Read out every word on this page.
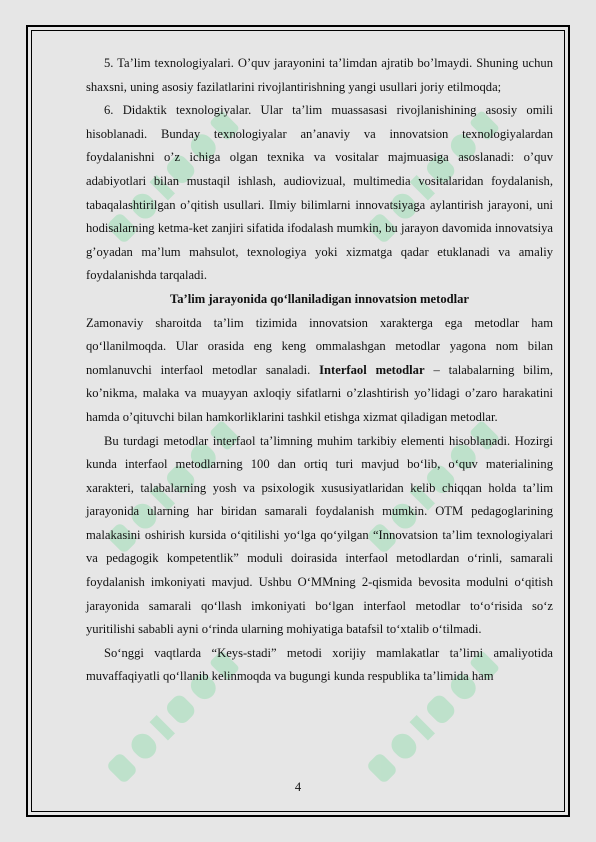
5. Ta’lim texnologiyalari. O’quv jarayonini ta’limdan ajratib bo’lmaydi. Shuning uchun shaxsni, uning asosiy fazilatlarini rivojlantirishning yangi usullari joriy etilmoqda;

6. Didaktik texnologiyalar. Ular ta’lim muassasasi rivojlanishining asosiy omili hisoblanadi. Bunday texnologiyalar an’anaviy va innovatsion texnologiyalardan foydalanishni o’z ichiga olgan texnika va vositalar majmuasiga asoslanadi: o’quv adabiyotlari bilan mustaqil ishlash, audiovizual, multimedia vositalaridan foydalanish, tabaqalashtirilgan o’qitish usullari. Ilmiy bilimlarni innovatsiyaga aylantirish jarayoni, uni hodisalarning ketma-ket zanjiri sifatida ifodalash mumkin, bu jarayon davomida innovatsiya g’oyadan ma’lum mahsulot, texnologiya yoki xizmatga qadar etuklanadi va amaliy foydalanishda tarqaladi.

Ta’lim jarayonida qo‘llaniladigan innovatsion metodlar

Zamonaviy sharoitda ta’lim tizimida innovatsion xarakterga ega metodlar ham qo‘llanilmoqda. Ular orasida eng keng ommalashgan metodlar yagona nom bilan nomlanuvchi interfaol metodlar sanaladi. Interfaol metodlar – talabalarning bilim, ko’nikma, malaka va muayyan axloqiy sifatlarni o’zlashtirish yo’lidagi o’zaro harakatini hamda o’qituvchi bilan hamkorliklarini tashkil etishga xizmat qiladigan metodlar.

Bu turdagi metodlar interfaol ta’limning muhim tarkibiy elementi hisoblanadi. Hozirgi kunda interfaol metodlarning 100 dan ortiq turi mavjud bo‘lib, o‘quv materialining xarakteri, talabalarning yosh va psixologik xususiyatlaridan kelib chiqqan holda ta’lim jarayonida ularning har biridan samarali foydalanish mumkin. OTM pedagoglarining malakasini oshirish kursida o‘qitilishi yo‘lga qo‘yilgan “Innovatsion ta’lim texnologiyalari va pedagogik kompetentlik” moduli doirasida interfaol metodlardan o‘rinli, samarali foydalanish imkoniyati mavjud. Ushbu O‘MMning 2-qismida bevosita modulni o‘qitish jarayonida samarali qo‘llash imkoniyati bo‘lgan interfaol metodlar to‘o‘risida so‘z yuritilishi sababli ayni o‘rinda ularning mohiyatiga batafsil to‘xtalib o‘tilmadi.

So‘nggi vaqtlarda “Keys-stadi” metodi xorijiy mamlakatlar ta’limi amaliyotida muvaffaqiyatli qo‘llanib kelinmoqda va bugungi kunda respublika ta’limida ham

4
